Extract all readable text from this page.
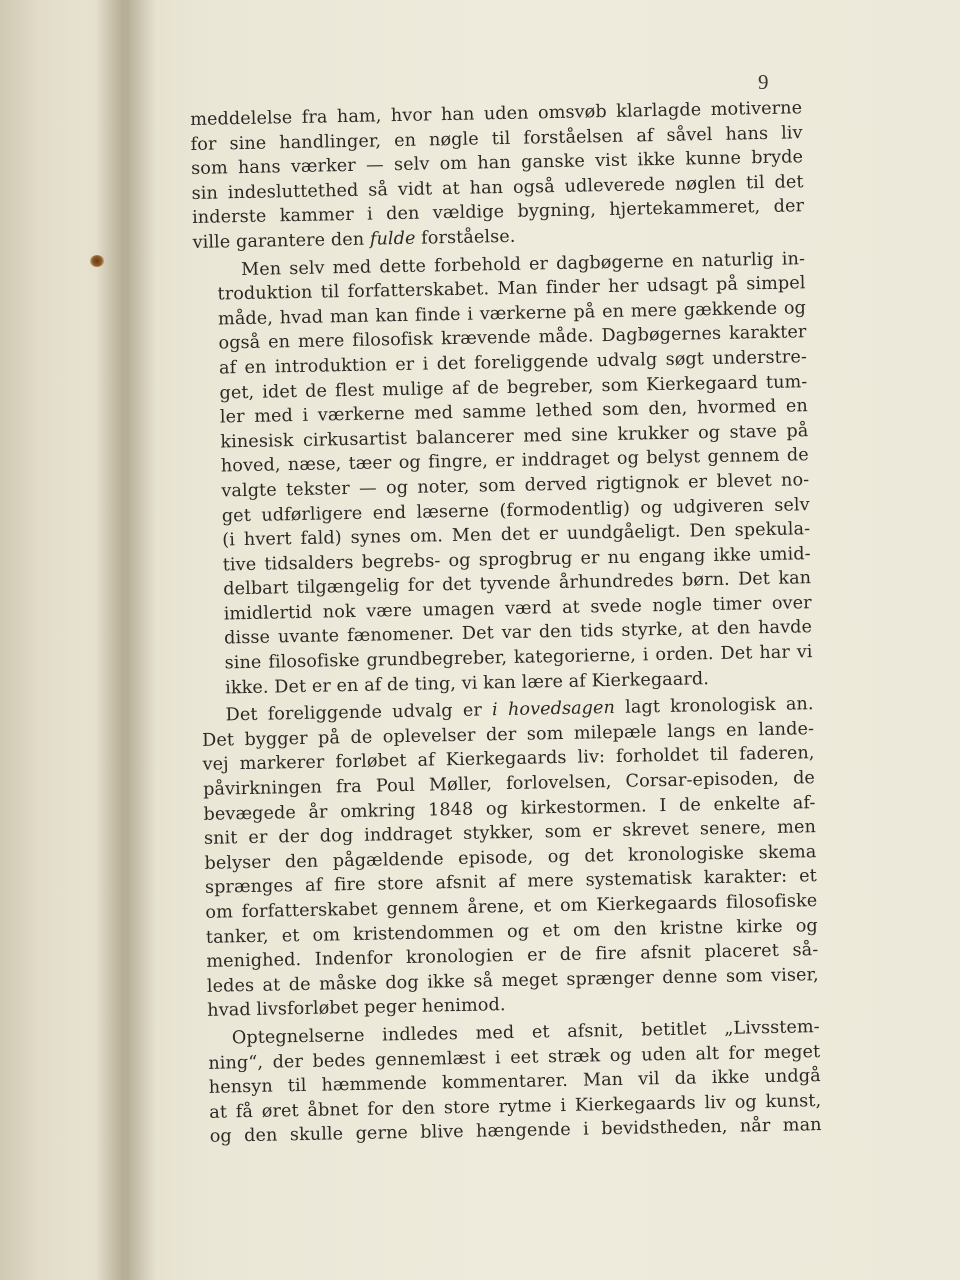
9

meddelelse fra ham, hvor han uden omsvøb klarlagde motiverne
for sine handlinger, en nøgle til forståelsen af såvel hans liv
som hans værker — selv om han ganske vist ikke kunne bryde
sin indesluttethed så vidt at han også udleverede nøglen til det
inderste kammer i den vældige bygning, hjertekammeret, der
ville garantere den fulde forståelse.

Men selv med dette forbehold er dagbøgerne en naturlig in-
troduktion til forfatterskabet. Man finder her udsagt på simpel
måde, hvad man kan finde i værkerne på en mere gækkende og
også en mere filosofisk krævende måde. Dagbøgernes karakter
af en introduktion er i det foreliggende udvalg søgt understre-
get, idet de flest mulige af de begreber, som Kierkegaard tum-
ler med i værkerne med samme lethed som den, hvormed en
kinesisk cirkusartist balancerer med sine krukker og stave på
hoved, næse, tæer og fingre, er inddraget og belyst gennem de
valgte tekster — og noter, som derved rigtignok er blevet no-
get udførligere end læserne (formodentlig) og udgiveren selv
(i hvert fald) synes om. Men det er uundgåeligt. Den spekula-
tive tidsalders begrebs- og sprogbrug er nu engang ikke umid-
delbart tilgængelig for det tyvende århundredes børn. Det kan
imidlertid nok være umagen værd at svede nogle timer over
disse uvante fænomener. Det var den tids styrke, at den havde
sine filosofiske grundbegreber, kategorierne, i orden. Det har vi
ikke. Det er en af de ting, vi kan lære af Kierkegaard.

Det foreliggende udvalg er i hovedsagen lagt kronologisk an.
Det bygger på de oplevelser der som milepæle langs en lande-
vej markerer forløbet af Kierkegaards liv: forholdet til faderen,
påvirkningen fra Poul Møller, forlovelsen, Corsar-episoden, de
bevægede år omkring 1848 og kirkestormen. I de enkelte af-
snit er der dog inddraget stykker, som er skrevet senere, men
belyser den pågældende episode, og det kronologiske skema
sprænges af fire store afsnit af mere systematisk karakter: et
om forfatterskabet gennem årene, et om Kierkegaards filosofiske
tanker, et om kristendommen og et om den kristne kirke og
menighed. Indenfor kronologien er de fire afsnit placeret så-
ledes at de måske dog ikke så meget sprænger denne som viser,
hvad livsforløbet peger henimod.

Optegnelserne indledes med et afsnit, betitlet „Livsstem-
ning“, der bedes gennemlæst i eet stræk og uden alt for meget
hensyn til hæmmende kommentarer. Man vil da ikke undgå
at få øret åbnet for den store rytme i Kierkegaards liv og kunst,
og den skulle gerne blive hængende i bevidstheden, når man
